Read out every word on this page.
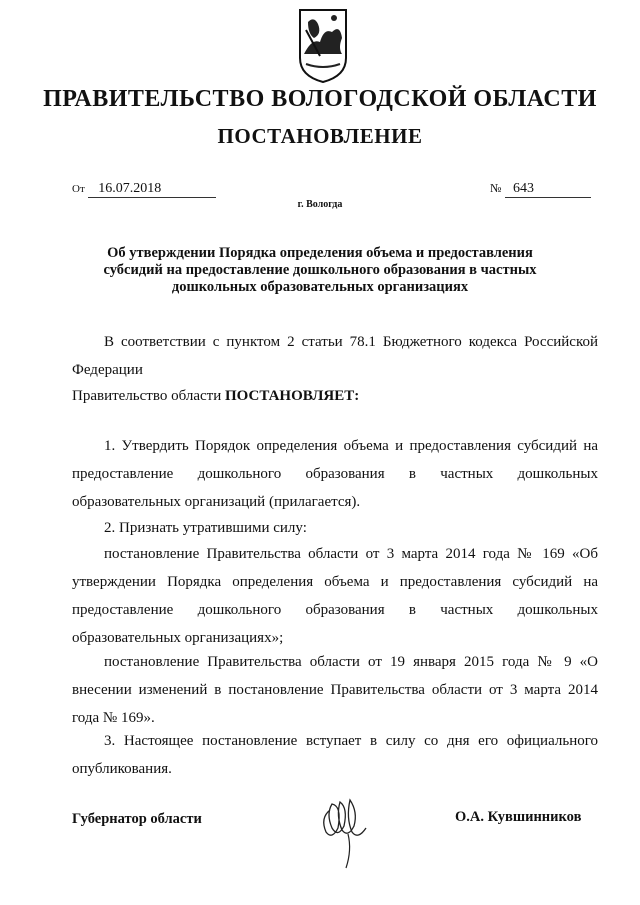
ПРАВИТЕЛЬСТВО ВОЛОГОДСКОЙ ОБЛАСТИ
ПОСТАНОВЛЕНИЕ
От 16.07.2018	№ 643
г. Вологда
Об утверждении Порядка определения объема и предоставления субсидий на предоставление дошкольного образования в частных дошкольных образовательных организациях
В соответствии с пунктом 2 статьи 78.1 Бюджетного кодекса Российской Федерации
Правительство области ПОСТАНОВЛЯЕТ:
1. Утвердить Порядок определения объема и предоставления субсидий на предоставление дошкольного образования в частных дошкольных образовательных организаций (прилагается).
2. Признать утратившими силу:
постановление Правительства области от 3 марта 2014 года № 169 «Об утверждении Порядка определения объема и предоставления субсидий на предоставление дошкольного образования в частных дошкольных образовательных организациях»;
постановление Правительства области от 19 января 2015 года № 9 «О внесении изменений в постановление Правительства области от 3 марта 2014 года № 169».
3. Настоящее постановление вступает в силу со дня его официального опубликования.
Губернатор области	О.А. Кувшинников
